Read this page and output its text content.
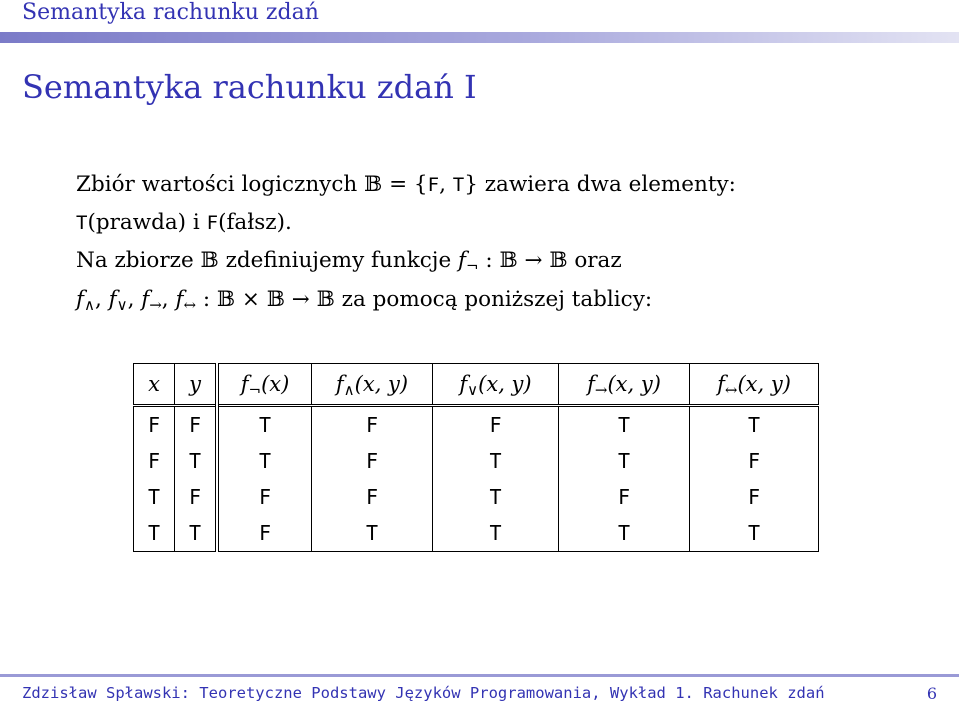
Semantyka rachunku zdań
Semantyka rachunku zdań I
Zbiór wartości logicznych 𝔹 = {F, T} zawiera dwa elementy:
T(prawda) i F(fałsz).
Na zbiorze 𝔹 zdefiniujemy funkcje f¬ : 𝔹 → 𝔹 oraz
f∧, f∨, f→, f↔ : 𝔹 × 𝔹 → 𝔹 za pomocą poniższej tablicy:
x	y	f¬(x)	f∧(x, y)	f∨(x, y)	f→(x, y)	f↔(x, y)
F	F	T	F	F	T	T
F	T	T	F	T	T	F
T	F	F	F	T	F	F
T	T	F	T	T	T	T
Zdzisław Spławski: Teoretyczne Podstawy Języków Programowania, Wykład 1. Rachunek zdań	6
